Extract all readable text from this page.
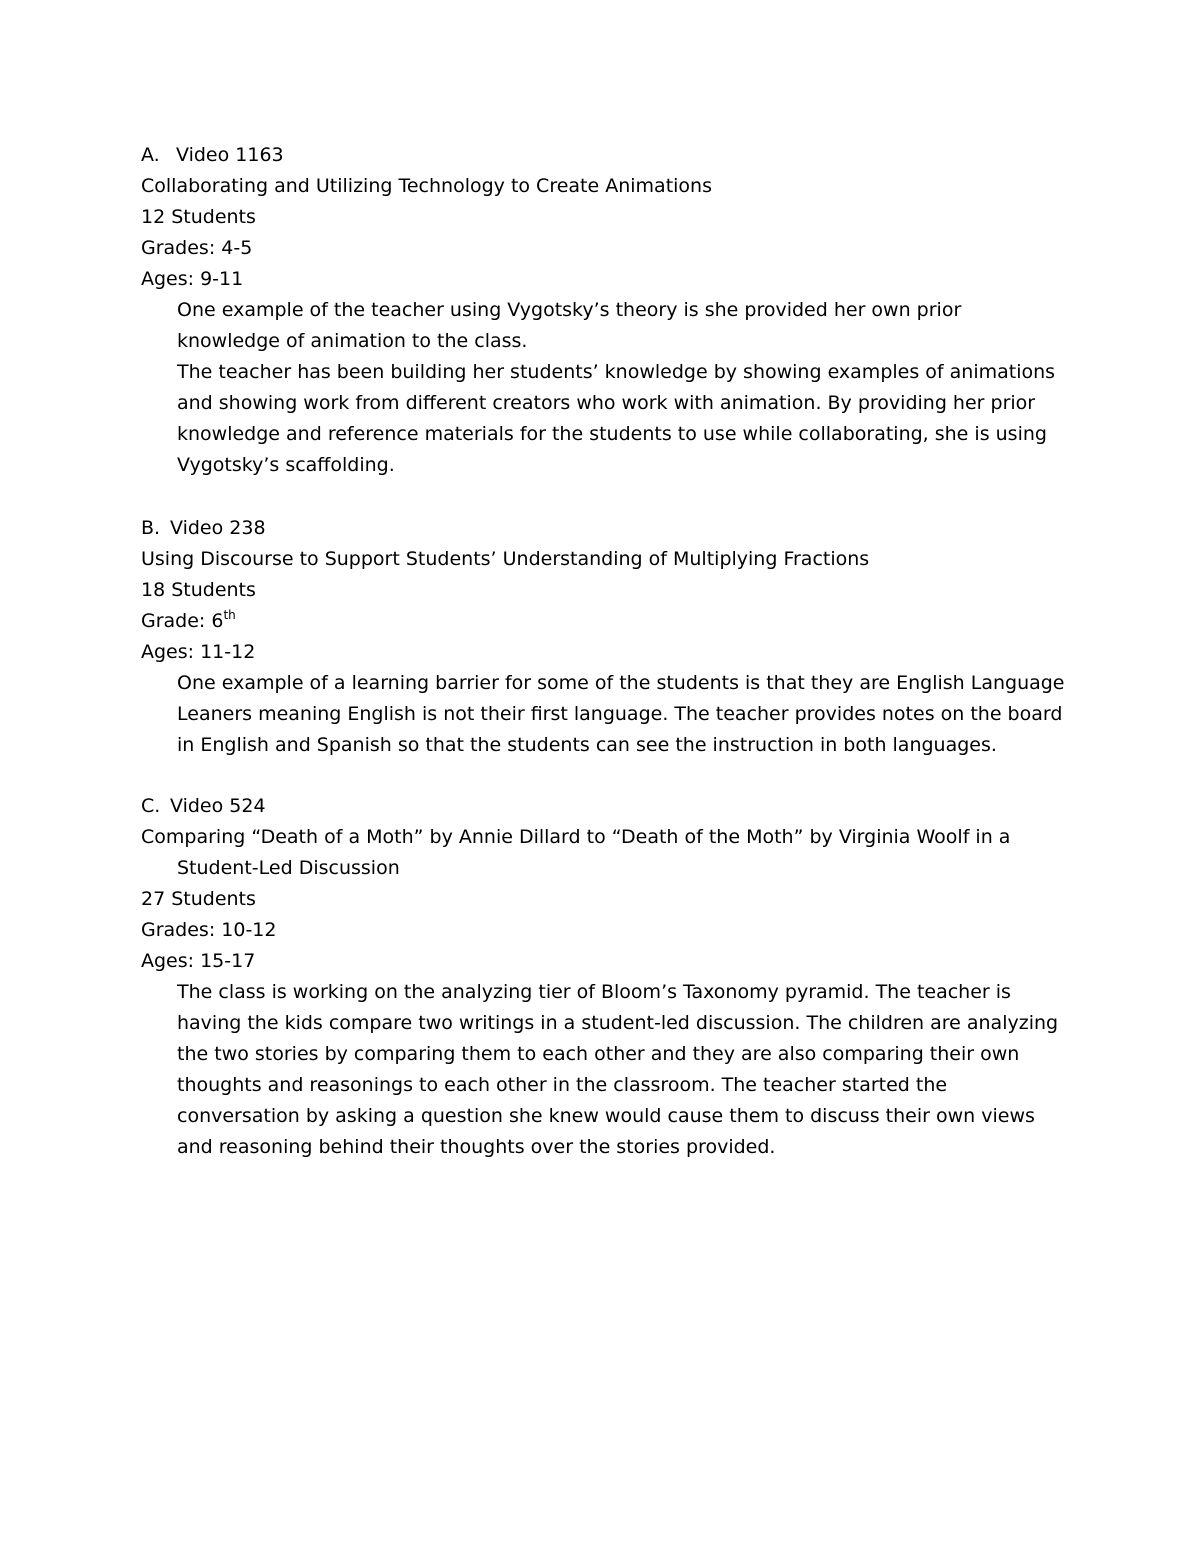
A. Video 1163
Collaborating and Utilizing Technology to Create Animations
12 Students
Grades: 4-5
Ages: 9-11
One example of the teacher using Vygotsky’s theory is she provided her own prior
knowledge of animation to the class.
The teacher has been building her students’ knowledge by showing examples of animations
and showing work from different creators who work with animation. By providing her prior
knowledge and reference materials for the students to use while collaborating, she is using
Vygotsky’s scaffolding.
B. Video 238
Using Discourse to Support Students’ Understanding of Multiplying Fractions
18 Students
Grade: 6th
Ages: 11-12
One example of a learning barrier for some of the students is that they are English Language
Leaners meaning English is not their first language. The teacher provides notes on the board
in English and Spanish so that the students can see the instruction in both languages.
C. Video 524
Comparing “Death of a Moth” by Annie Dillard to “Death of the Moth” by Virginia Woolf in a
Student-Led Discussion
27 Students
Grades: 10-12
Ages: 15-17
The class is working on the analyzing tier of Bloom’s Taxonomy pyramid. The teacher is
having the kids compare two writings in a student-led discussion. The children are analyzing
the two stories by comparing them to each other and they are also comparing their own
thoughts and reasonings to each other in the classroom. The teacher started the
conversation by asking a question she knew would cause them to discuss their own views
and reasoning behind their thoughts over the stories provided.
